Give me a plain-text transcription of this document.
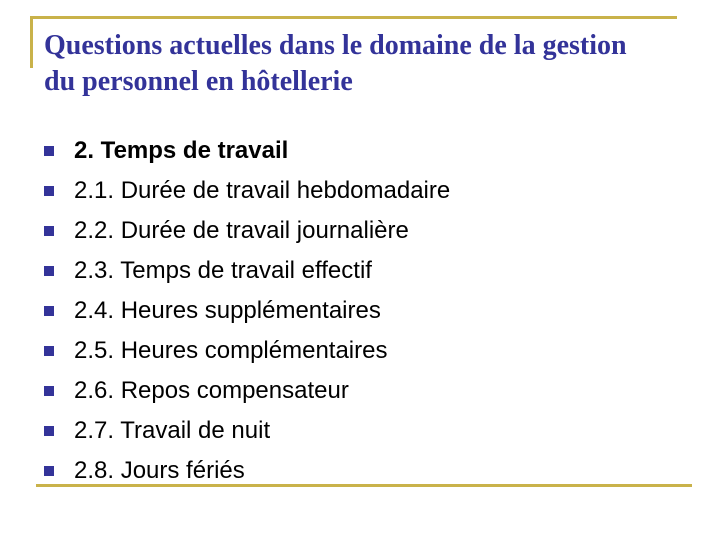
Questions actuelles dans le domaine de la gestion
du personnel en hôtellerie
2. Temps de travail
2.1. Durée de travail hebdomadaire
2.2. Durée de travail journalière
2.3. Temps de travail effectif
2.4. Heures supplémentaires
2.5. Heures complémentaires
2.6. Repos compensateur
2.7. Travail de nuit
2.8. Jours fériés
